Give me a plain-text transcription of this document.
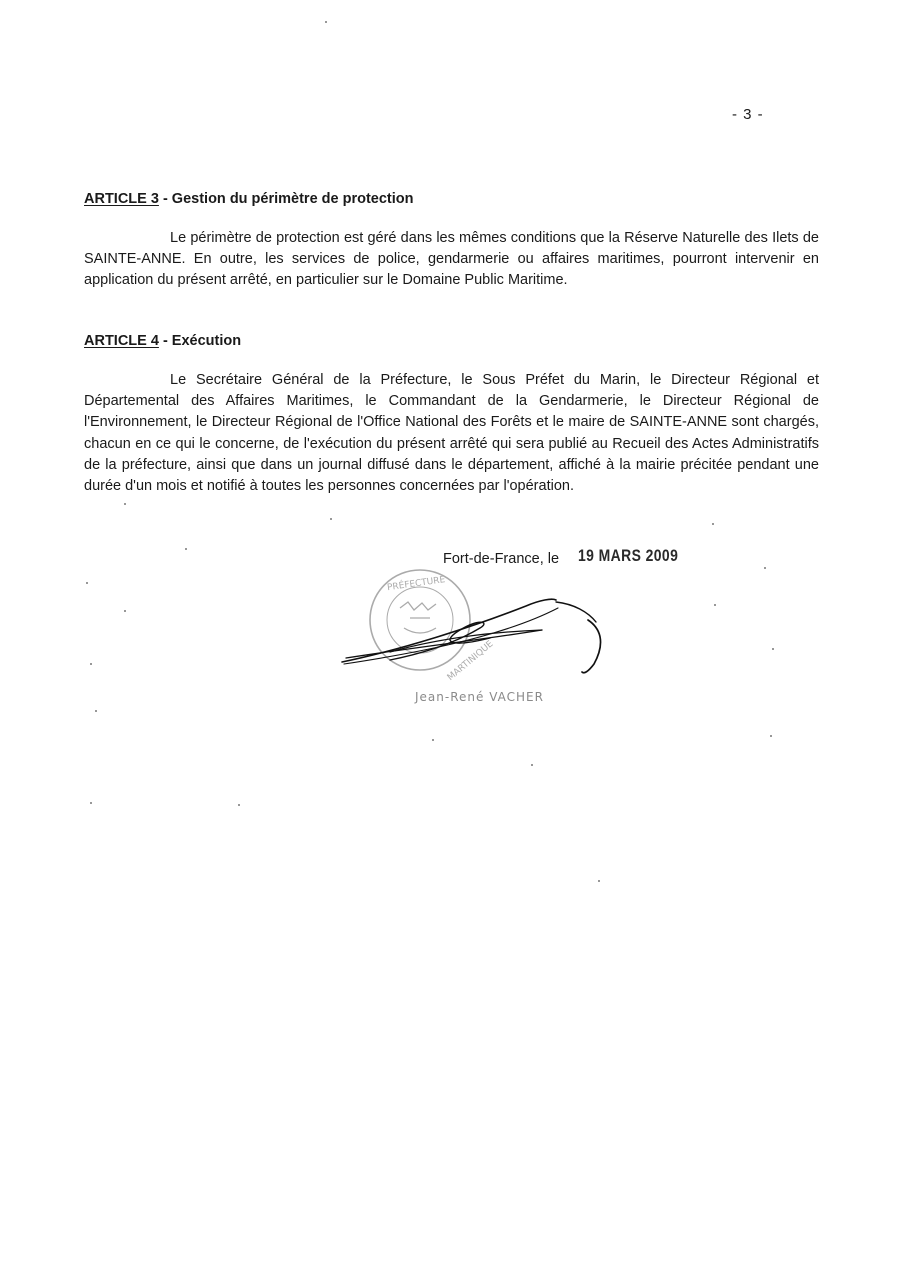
- 3 -
ARTICLE 3 - Gestion du périmètre de protection

Le périmètre de protection est géré dans les mêmes conditions que la Réserve Naturelle des Ilets de SAINTE-ANNE. En outre, les services de police, gendarmerie ou affaires maritimes, pourront intervenir en application du présent arrêté, en particulier sur le Domaine Public Maritime.

ARTICLE 4 - Exécution

Le Secrétaire Général de la Préfecture, le Sous Préfet du Marin, le Directeur Régional et Départemental des Affaires Maritimes, le Commandant de la Gendarmerie, le Directeur Régional de l'Environnement, le Directeur Régional de l'Office National des Forêts et le maire de SAINTE-ANNE sont chargés, chacun en ce qui le concerne, de l'exécution du présent arrêté qui sera publié au Recueil des Actes Administratifs de la préfecture, ainsi que dans un journal diffusé dans le département, affiché à la mairie précitée pendant une durée d'un mois et notifié à toutes les personnes concernées par l'opération.

Fort-de-France, le 19 MARS 2009
PRÉFECTURE
MARTINIQUE
Jean-René VACHER
